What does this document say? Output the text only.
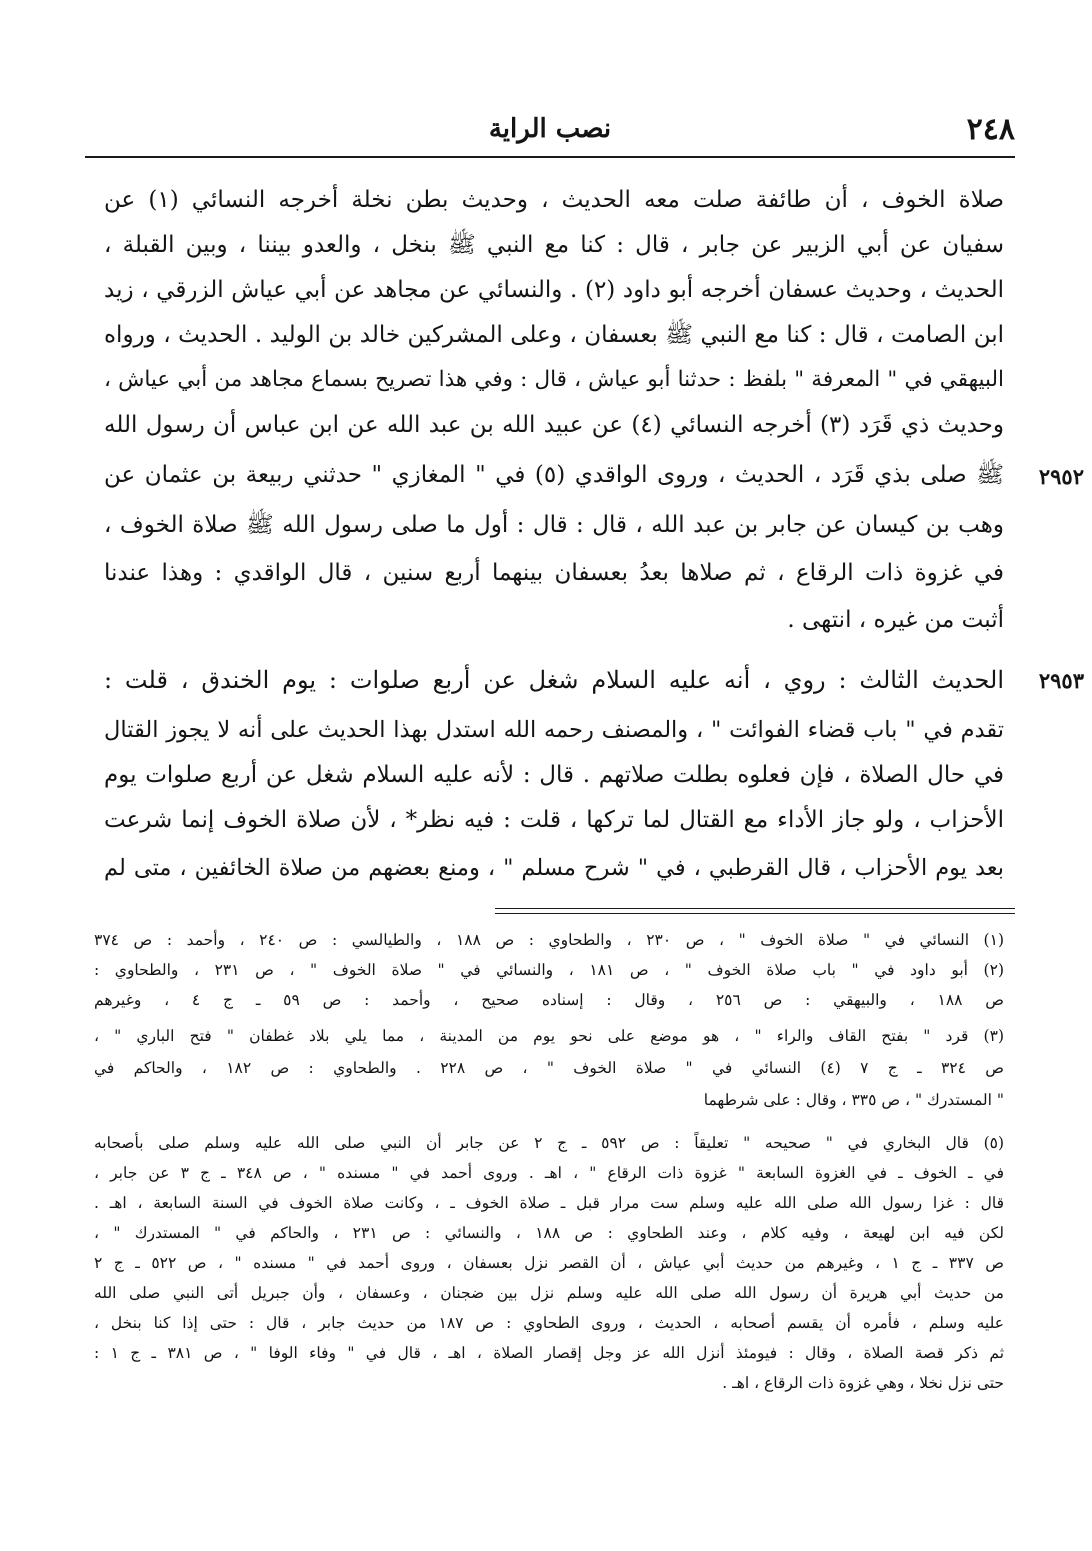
٢٤٨
نصب الراية
صلاة الخوف ، أن طائفة صلت معه الحديث ، وحديث بطن نخلة أخرجه النسائي (١) عن
سفيان عن أبي الزبير عن جابر ، قال : كنا مع النبي ﷺ بنخل ، والعدو بيننا ، وبين القبلة ،
الحديث ، وحديث عسفان أخرجه أبو داود (٢) . والنسائي عن مجاهد عن أبي عياش الزرقي ، زيد
ابن الصامت ، قال : كنا مع النبي ﷺ بعسفان ، وعلى المشركين خالد بن الوليد . الحديث ، ورواه
البيهقي في " المعرفة " بلفظ : حدثنا أبو عياش ، قال : وفي هذا تصريح بسماع مجاهد من أبي عياش ،
وحديث ذي قَرَد (٣) أخرجه النسائي (٤) عن عبيد الله بن عبد الله عن ابن عباس أن رسول الله
ﷺ صلى بذي قَرَد ، الحديث ، وروى الواقدي (٥) في " المغازي " حدثني ربيعة بن عثمان عن	٢٩٥٢
وهب بن كيسان عن جابر بن عبد الله ، قال : قال : أول ما صلى رسول الله ﷺ صلاة الخوف ،
في غزوة ذات الرقاع ، ثم صلاها بعدُ بعسفان بينهما أربع سنين ، قال الواقدي : وهذا عندنا
أثبت من غيره ، انتهى .
الحديث الثالث : روي ، أنه عليه السلام شغل عن أربع صلوات : يوم الخندق ، قلت :	٢٩٥٣
تقدم في " باب قضاء الفوائت " ، والمصنف رحمه الله استدل بهذا الحديث على أنه لا يجوز القتال
في حال الصلاة ، فإن فعلوه بطلت صلاتهم . قال : لأنه عليه السلام شغل عن أربع صلوات يوم
الأحزاب ، ولو جاز الأداء مع القتال لما تركها ، قلت : فيه نظر* ، لأن صلاة الخوف إنما شرعت
بعد يوم الأحزاب ، قال القرطبي ، في " شرح مسلم " ، ومنع بعضهم من صلاة الخائفين ، متى لم
(١) النسائي في " صلاة الخوف " ، ص ٢٣٠ ، والطحاوي : ص ١٨٨ ، والطيالسي : ص ٢٤٠ ، وأحمد : ص ٣٧٤
(٢) أبو داود في " باب صلاة الخوف " ، ص ١٨١ ، والنسائي في " صلاة الخوف " ، ص ٢٣١ ، والطحاوي :
ص ١٨٨ ، والبيهقي : ص ٢٥٦ ، وقال : إسناده صحيح ، وأحمد : ص ٥٩ ـ ج ٤ ، وغيرهم
(٣) قرد " بفتح القاف والراء " ، هو موضع على نحو يوم من المدينة ، مما يلي بلاد غطفان " فتح الباري " ،
ص ٣٢٤ ـ ج ٧ (٤) النسائي في " صلاة الخوف " ، ص ٢٢٨ . والطحاوي : ص ١٨٢ ، والحاكم في
" المستدرك " ، ص ٣٣٥ ، وقال : على شرطهما
(٥) قال البخاري في " صحيحه " تعليقاً : ص ٥٩٢ ـ ج ٢ عن جابر أن النبي صلى الله عليه وسلم صلى بأصحابه
في ـ الخوف ـ في الغزوة السابعة " غزوة ذات الرقاع " ، اهـ . وروى أحمد في " مسنده " ، ص ٣٤٨ ـ ج ٣ عن جابر ،
قال : غزا رسول الله صلى الله عليه وسلم ست مرار قبل ـ صلاة الخوف ـ ، وكانت صلاة الخوف في السنة السابعة ، اهـ .
لكن فيه ابن لهيعة ، وفيه كلام ، وعند الطحاوي : ص ١٨٨ ، والنسائي : ص ٢٣١ ، والحاكم في " المستدرك " ،
ص ٣٣٧ ـ ج ١ ، وغيرهم من حديث أبي عياش ، أن القصر نزل بعسفان ، وروى أحمد في " مسنده " ، ص ٥٢٢ ـ ج ٢
من حديث أبي هريرة أن رسول الله صلى الله عليه وسلم نزل بين ضجنان ، وعسفان ، وأن جبريل أتى النبي صلى الله
عليه وسلم ، فأمره أن يقسم أصحابه ، الحديث ، وروى الطحاوي : ص ١٨٧ من حديث جابر ، قال : حتى إذا كنا بنخل ،
ثم ذكر قصة الصلاة ، وقال : فيومئذ أنزل الله عز وجل إقصار الصلاة ، اهـ ، قال في " وفاء الوفا " ، ص ٣٨١ ـ ج ١ :
حتى نزل نخلا ، وهي غزوة ذات الرقاع ، اهـ .
